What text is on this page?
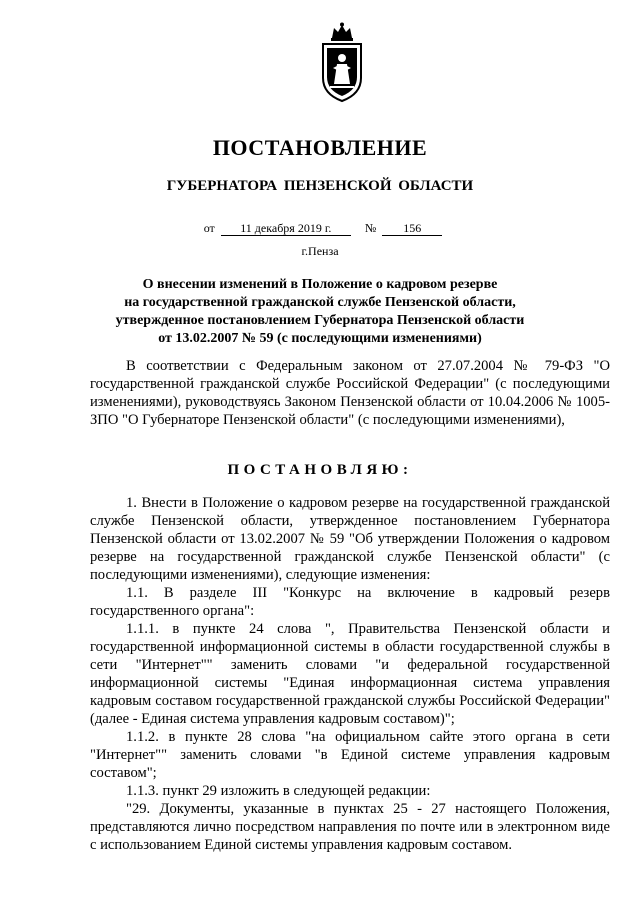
ПОСТАНОВЛЕНИЕ
ГУБЕРНАТОРА ПЕНЗЕНСКОЙ ОБЛАСТИ
от 11 декабря 2019 г.	№ 156
г.Пенза
О внесении изменений в Положение о кадровом резерве
на государственной гражданской службе Пензенской области,
утвержденное постановлением Губернатора Пензенской области
от 13.02.2007 № 59 (с последующими изменениями)

В соответствии с Федеральным законом от 27.07.2004 № 79-ФЗ "О государственной гражданской службе Российской Федерации" (с последующими изменениями), руководствуясь Законом Пензенской области от 10.04.2006 № 1005-ЗПО "О Губернаторе Пензенской области" (с последующими изменениями),

ПОСТАНОВЛЯЮ:

1. Внести в Положение о кадровом резерве на государственной гражданской службе Пензенской области, утвержденное постановлением Губернатора Пензенской области от 13.02.2007 № 59 "Об утверждении Положения о кадровом резерве на государственной гражданской службе Пензенской области" (с последующими изменениями), следующие изменения:

1.1. В разделе III "Конкурс на включение в кадровый резерв государственного органа":

1.1.1. в пункте 24 слова ", Правительства Пензенской области и государственной информационной системы в области государственной службы в сети "Интернет"" заменить словами "и федеральной государственной информационной системы "Единая информационная система управления кадровым составом государственной гражданской службы Российской Федерации" (далее - Единая система управления кадровым составом)";

1.1.2. в пункте 28 слова "на официальном сайте этого органа в сети "Интернет"" заменить словами "в Единой системе управления кадровым составом";

1.1.3. пункт 29 изложить в следующей редакции:

"29. Документы, указанные в пунктах 25 - 27 настоящего Положения, представляются лично посредством направления по почте или в электронном виде с использованием Единой системы управления кадровым составом.
